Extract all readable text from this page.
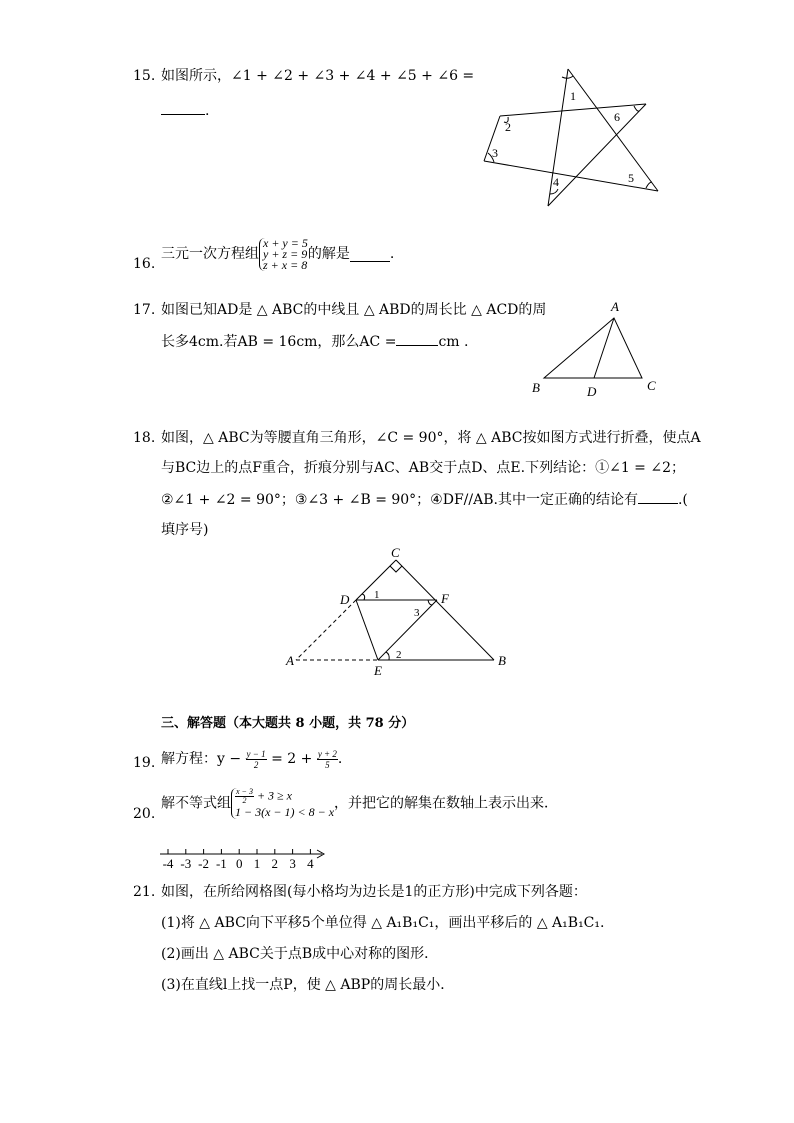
15. 如图所示，∠1 + ∠2 + ∠3 + ∠4 + ∠5 + ∠6 =
.
1
2
3
4	5
6
16.
三元一次方程组
x + y = 5
y + z = 9
z + x = 8
的解是	.
17. 如图已知AD是 △ ABC的中线且 △ ABD的周长比 △ ACD的周
长多4cm.若AB = 16cm，那么AC =	cm .
A
B	C
D
18. 如图，△ ABC为等腰直角三角形，∠C = 90°，将 △ ABC按如图方式进行折叠，使点A
与BC边上的点F重合，折痕分别与AC、AB交于点D、点E.下列结论：①∠1 = ∠2；
②∠1 + ∠2 = 90°；③∠3 + ∠B = 90°；④DF//AB.其中一定正确的结论有	.(
填序号)
C
D	F
A
E
B
1
2
3
三、解答题（本大题共 8 小题，共 78 分）
19. 解方程：$y - \frac{y - 1}{2} = 2 + \frac{y + 2}{5}$ .
20.
解不等式组 $\frac{x - 3}{2} + 3 \ge x$
1 − 3(x − 1) < 8 − x
，并把它的解集在数轴上表示出来．
-4 -3 -2 -1 0 1 2 3 4
21. 如图，在所给网格图(每小格均为边长是1的正方形)中完成下列各题：
(1)将 △ ABC向下平移5个单位得 △ A₁B₁C₁，画出平移后的 △ A₁B₁C₁.
(2)画出 △ ABC关于点B成中心对称的图形．
(3)在直线l上找一点P，使 △ ABP的周长最小．
